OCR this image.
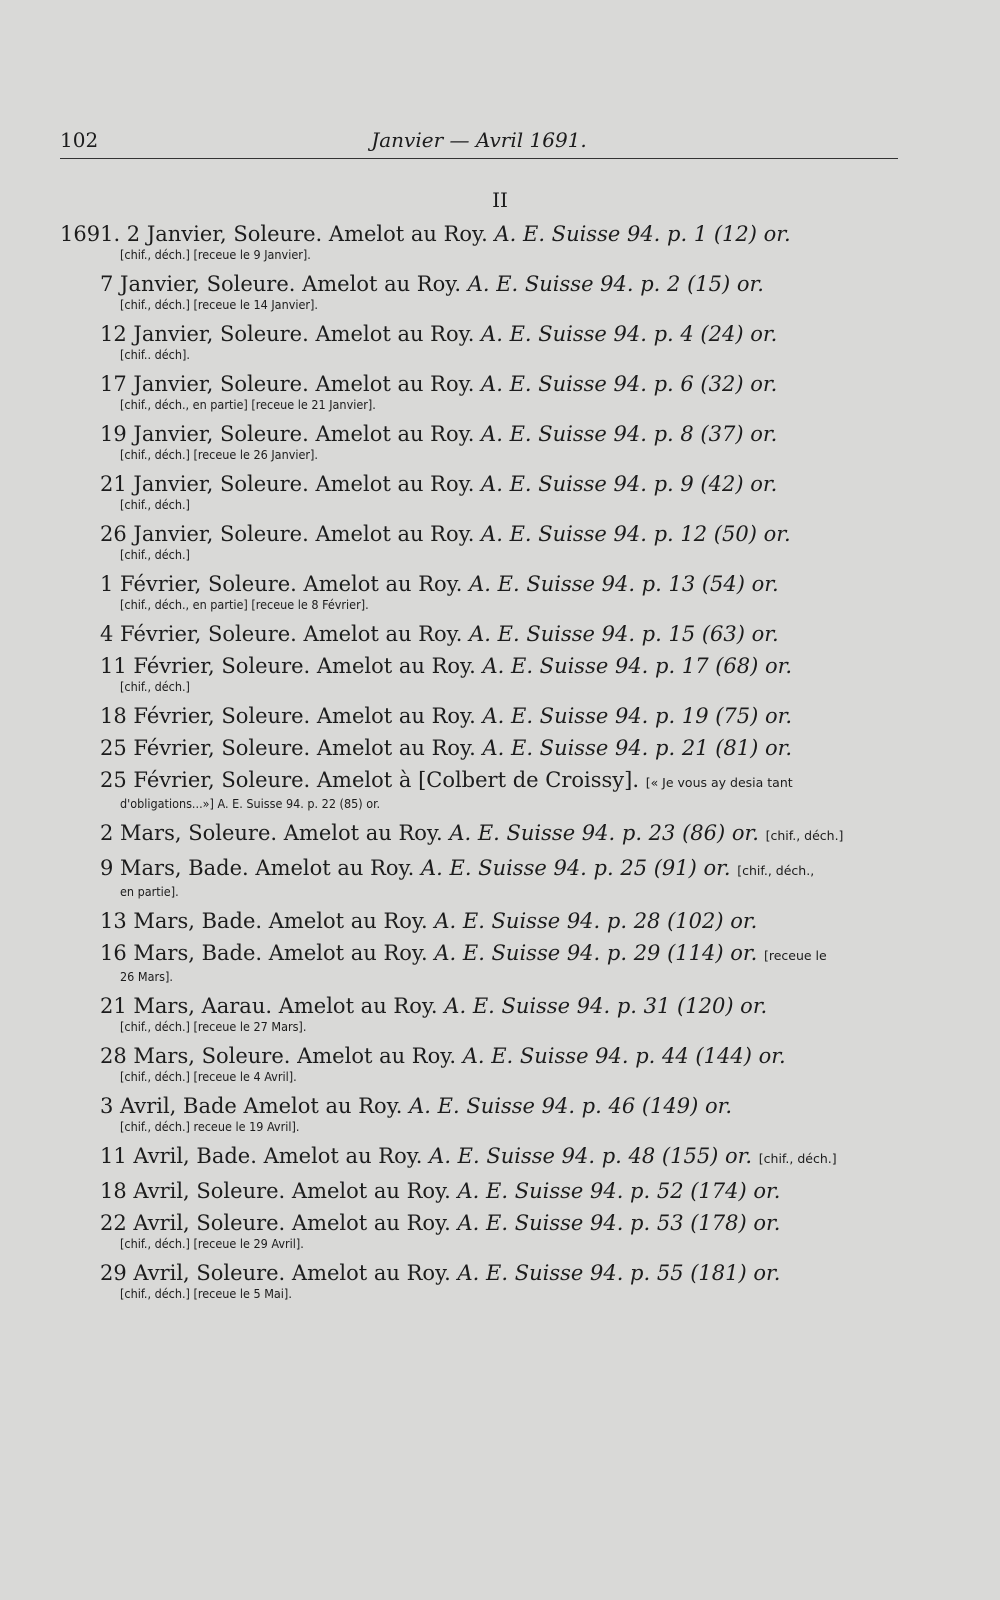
102	Janvier — Avril 1691.
II
1691. 2 Janvier, Soleure. Amelot au Roy. A. E. Suisse 94. p. 1 (12) or.
[chif., déch.] [receue le 9 Janvier].
7 Janvier, Soleure. Amelot au Roy. A. E. Suisse 94. p. 2 (15) or.
[chif., déch.] [receue le 14 Janvier].
12 Janvier, Soleure. Amelot au Roy. A. E. Suisse 94. p. 4 (24) or.
[chif.. déch].
17 Janvier, Soleure. Amelot au Roy. A. E. Suisse 94. p. 6 (32) or.
[chif., déch., en partie] [receue le 21 Janvier].
19 Janvier, Soleure. Amelot au Roy. A. E. Suisse 94. p. 8 (37) or.
[chif., déch.] [receue le 26 Janvier].
21 Janvier, Soleure. Amelot au Roy. A. E. Suisse 94. p. 9 (42) or.
[chif., déch.]
26 Janvier, Soleure. Amelot au Roy. A. E. Suisse 94. p. 12 (50) or.
[chif., déch.]
1 Février, Soleure. Amelot au Roy. A. E. Suisse 94. p. 13 (54) or.
[chif., déch., en partie] [receue le 8 Février].
4 Février, Soleure. Amelot au Roy. A. E. Suisse 94. p. 15 (63) or.
11 Février, Soleure. Amelot au Roy. A. E. Suisse 94. p. 17 (68) or.
[chif., déch.]
18 Février, Soleure. Amelot au Roy. A. E. Suisse 94. p. 19 (75) or.
25 Février, Soleure. Amelot au Roy. A. E. Suisse 94. p. 21 (81) or.
25 Février, Soleure. Amelot à [Colbert de Croissy]. [« Je vous ay desia tant
d'obligations...»] A. E. Suisse 94. p. 22 (85) or.
2 Mars, Soleure. Amelot au Roy. A. E. Suisse 94. p. 23 (86) or. [chif., déch.]
9 Mars, Bade. Amelot au Roy. A. E. Suisse 94. p. 25 (91) or. [chif., déch.,
en partie].
13 Mars, Bade. Amelot au Roy. A. E. Suisse 94. p. 28 (102) or.
16 Mars, Bade. Amelot au Roy. A. E. Suisse 94. p. 29 (114) or. [receue le
26 Mars].
21 Mars, Aarau. Amelot au Roy. A. E. Suisse 94. p. 31 (120) or.
[chif., déch.] [receue le 27 Mars].
28 Mars, Soleure. Amelot au Roy. A. E. Suisse 94. p. 44 (144) or.
[chif., déch.] [receue le 4 Avril].
3 Avril, Bade Amelot au Roy. A. E. Suisse 94. p. 46 (149) or.
[chif., déch.] receue le 19 Avril].
11 Avril, Bade. Amelot au Roy. A. E. Suisse 94. p. 48 (155) or. [chif., déch.]
18 Avril, Soleure. Amelot au Roy. A. E. Suisse 94. p. 52 (174) or.
22 Avril, Soleure. Amelot au Roy. A. E. Suisse 94. p. 53 (178) or.
[chif., déch.] [receue le 29 Avril].
29 Avril, Soleure. Amelot au Roy. A. E. Suisse 94. p. 55 (181) or.
[chif., déch.] [receue le 5 Mai].
